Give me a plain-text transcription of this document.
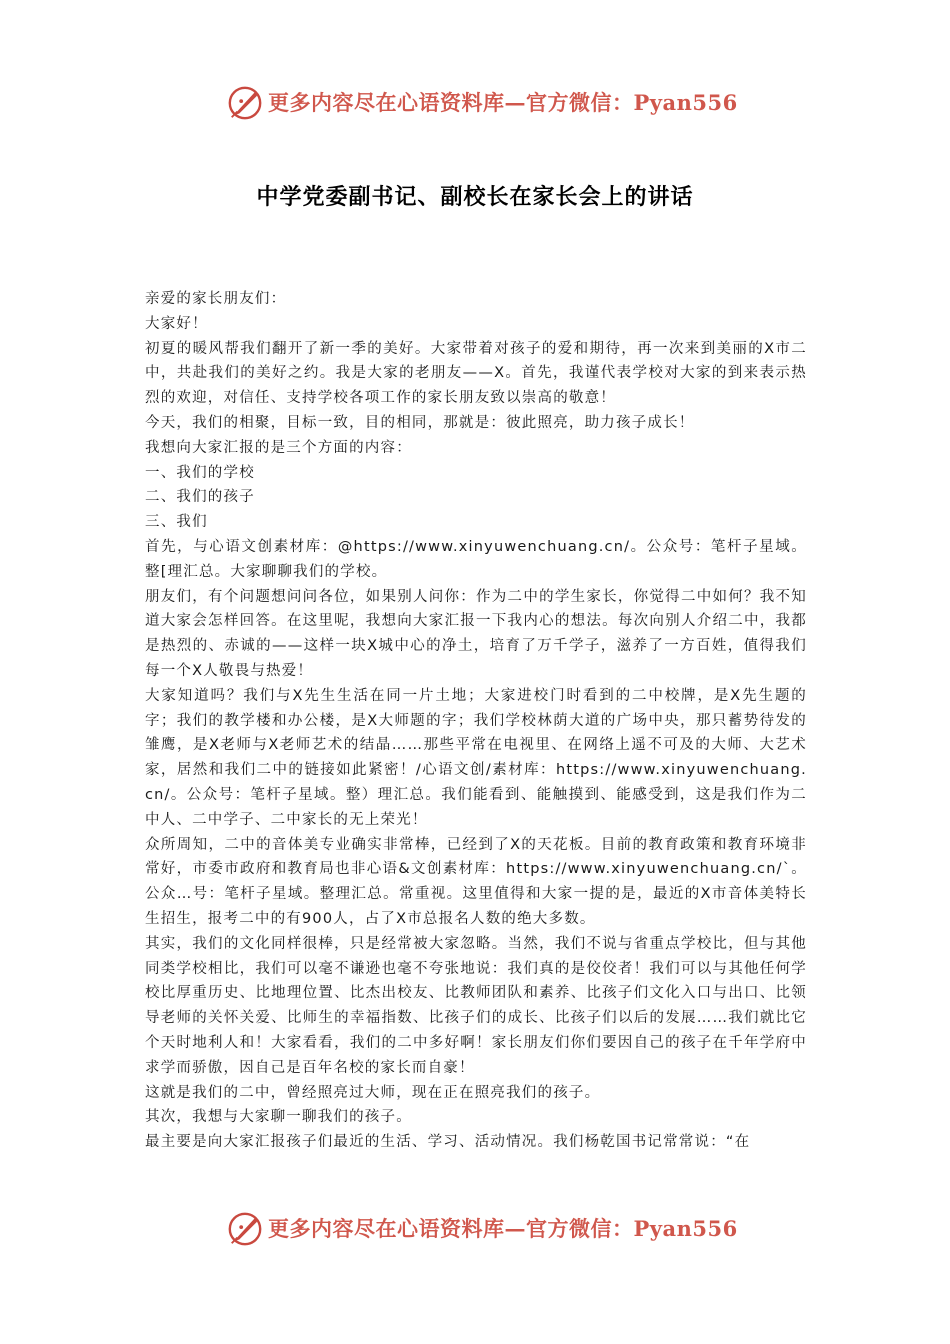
更多内容尽在心语资料库—官方微信：Pyan556
中学党委副书记、副校长在家长会上的讲话

亲爱的家长朋友们：

大家好！

初夏的暖风帮我们翻开了新一季的美好。大家带着对孩子的爱和期待，再一次来到美丽的X市二中，共赴我们的美好之约。我是大家的老朋友——X。首先，我谨代表学校对大家的到来表示热烈的欢迎，对信任、支持学校各项工作的家长朋友致以崇高的敬意！

今天，我们的相聚，目标一致，目的相同，那就是：彼此照亮，助力孩子成长！

我想向大家汇报的是三个方面的内容：

一、我们的学校

二、我们的孩子

三、我们

首先，与心语文创素材库：@https://www.xinyuwenchuang.cn/。公众号：笔杆子星域。整[理汇总。大家聊聊我们的学校。

朋友们，有个问题想问问各位，如果别人问你：作为二中的学生家长，你觉得二中如何？我不知道大家会怎样回答。在这里呢，我想向大家汇报一下我内心的想法。每次向别人介绍二中，我都是热烈的、赤诚的——这样一块X城中心的净土，培育了万千学子，滋养了一方百姓，值得我们每一个X人敬畏与热爱！

大家知道吗？我们与X先生生活在同一片土地；大家进校门时看到的二中校牌，是X先生题的字；我们的教学楼和办公楼，是X大师题的字；我们学校林荫大道的广场中央，那只蓄势待发的雏鹰，是X老师与X老师艺术的结晶……那些平常在电视里、在网络上遥不可及的大师、大艺术家，居然和我们二中的链接如此紧密！/心语文创/素材库：https://www.xinyuwenchuang.cn/。公众号：笔杆子星域。整）理汇总。我们能看到、能触摸到、能感受到，这是我们作为二中人、二中学子、二中家长的无上荣光！

众所周知，二中的音体美专业确实非常棒，已经到了X的天花板。目前的教育政策和教育环境非常好，市委市政府和教育局也非心语&文创素材库：https://www.xinyuwenchuang.cn/`。公众…号：笔杆子星域。整理汇总。常重视。这里值得和大家一提的是，最近的X市音体美特长生招生，报考二中的有900人，占了X市总报名人数的绝大多数。

其实，我们的文化同样很棒，只是经常被大家忽略。当然，我们不说与省重点学校比，但与其他同类学校相比，我们可以毫不谦逊也毫不夸张地说：我们真的是佼佼者！我们可以与其他任何学校比厚重历史、比地理位置、比杰出校友、比教师团队和素养、比孩子们文化入口与出口、比领导老师的关怀关爱、比师生的幸福指数、比孩子们的成长、比孩子们以后的发展……我们就比它个天时地利人和！大家看看，我们的二中多好啊！家长朋友们你们要因自己的孩子在千年学府中求学而骄傲，因自己是百年名校的家长而自豪！

这就是我们的二中，曾经照亮过大师，现在正在照亮我们的孩子。

其次，我想与大家聊一聊我们的孩子。

最主要是向大家汇报孩子们最近的生活、学习、活动情况。我们杨乾国书记常常说：“在

更多内容尽在心语资料库—官方微信：Pyan556
